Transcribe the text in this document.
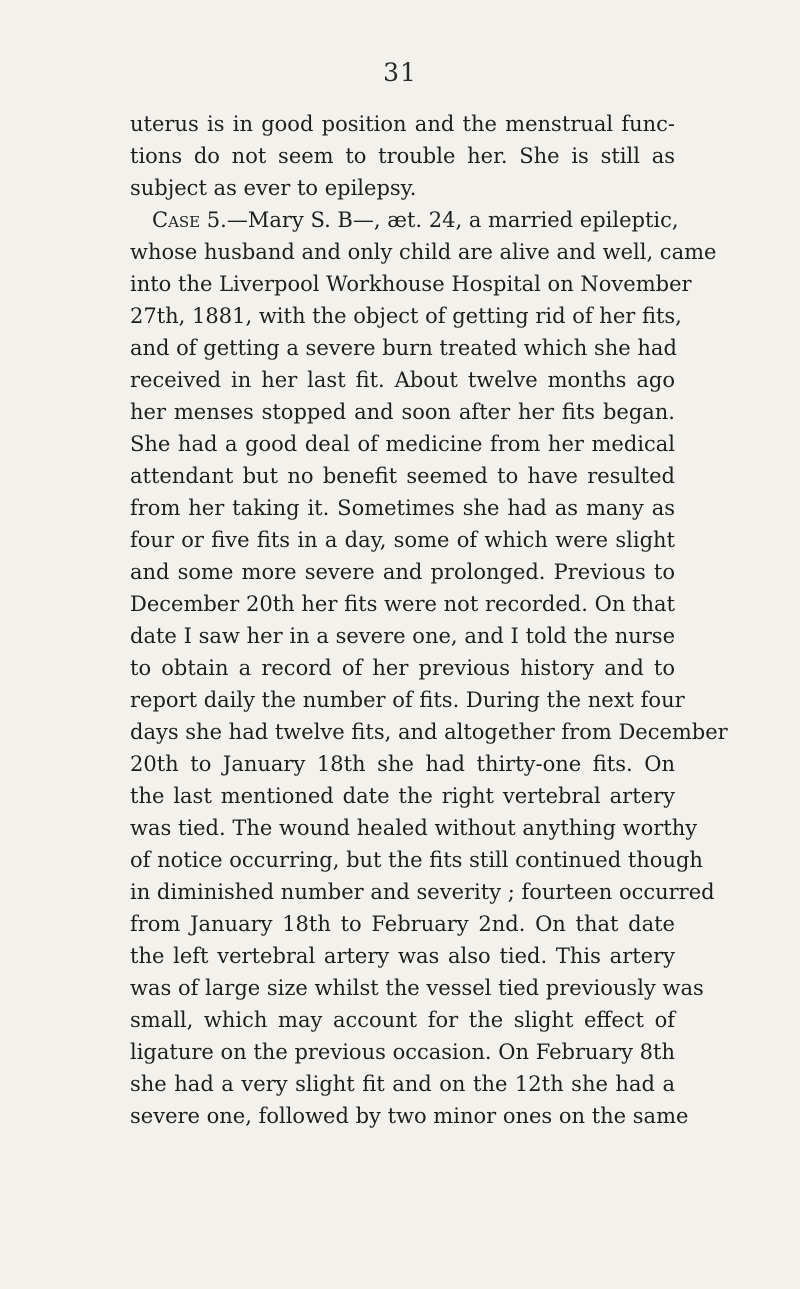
31
uterus is in good position and the menstrual func-
tions do not seem to trouble her. She is still as
subject as ever to epilepsy.
Case 5.—Mary S. B—, æt. 24, a married epileptic,
whose husband and only child are alive and well, came
into the Liverpool Workhouse Hospital on November
27th, 1881, with the object of getting rid of her fits,
and of getting a severe burn treated which she had
received in her last fit. About twelve months ago
her menses stopped and soon after her fits began.
She had a good deal of medicine from her medical
attendant but no benefit seemed to have resulted
from her taking it. Sometimes she had as many as
four or five fits in a day, some of which were slight
and some more severe and prolonged. Previous to
December 20th her fits were not recorded. On that
date I saw her in a severe one, and I told the nurse
to obtain a record of her previous history and to
report daily the number of fits. During the next four
days she had twelve fits, and altogether from December
20th to January 18th she had thirty-one fits. On
the last mentioned date the right vertebral artery
was tied. The wound healed without anything worthy
of notice occurring, but the fits still continued though
in diminished number and severity ; fourteen occurred
from January 18th to February 2nd. On that date
the left vertebral artery was also tied. This artery
was of large size whilst the vessel tied previously was
small, which may account for the slight effect of
ligature on the previous occasion. On February 8th
she had a very slight fit and on the 12th she had a
severe one, followed by two minor ones on the same
